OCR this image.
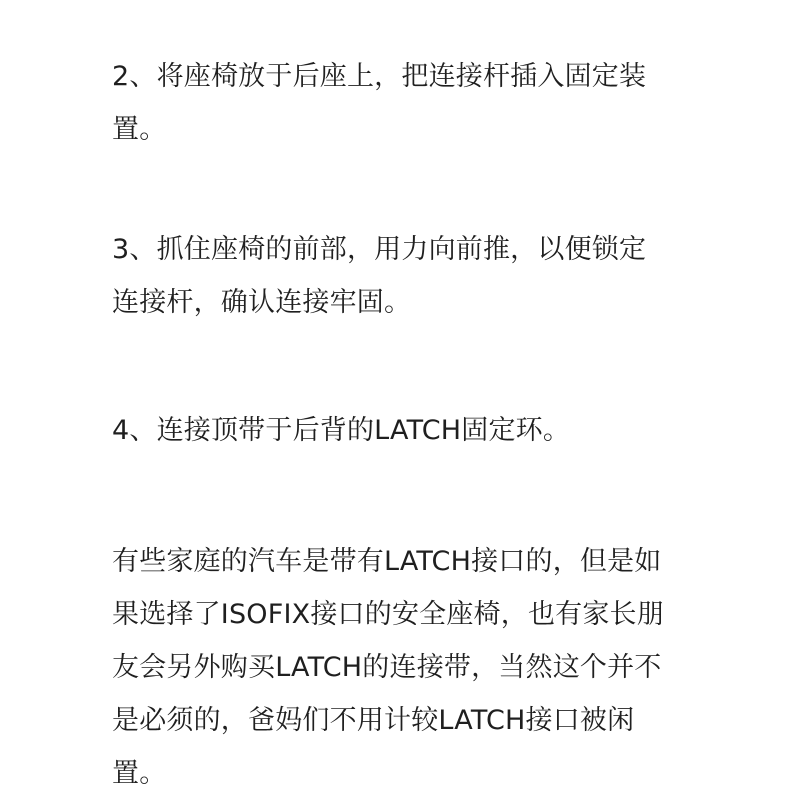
2、将座椅放于后座上，把连接杆插入固定装
置。

3、抓住座椅的前部，用力向前推，以便锁定
连接杆，确认连接牢固。

4、连接顶带于后背的LATCH固定环。

有些家庭的汽车是带有LATCH接口的，但是如
果选择了ISOFIX接口的安全座椅，也有家长朋
友会另外购买LATCH的连接带，当然这个并不
是必须的，爸妈们不用计较LATCH接口被闲
置。
